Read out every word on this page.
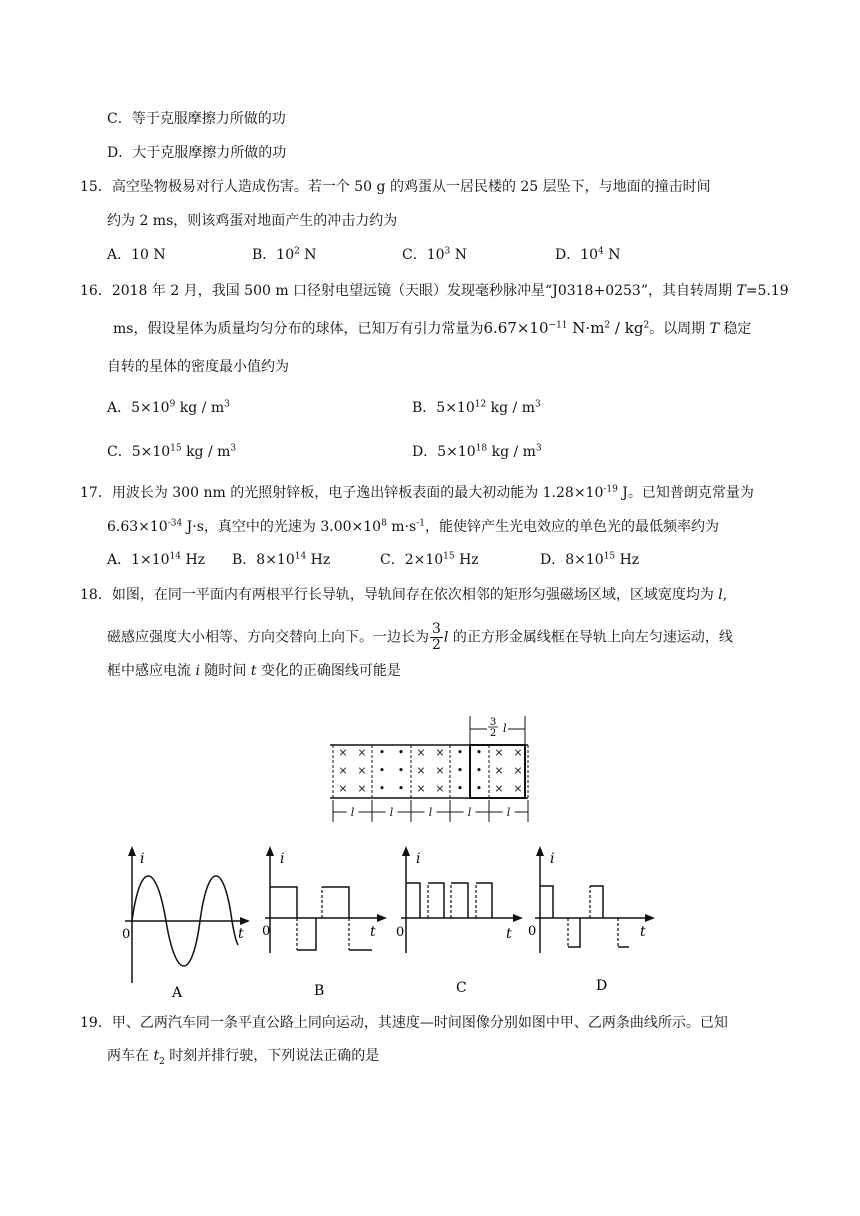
C．等于克服摩擦力所做的功
D．大于克服摩擦力所做的功
15．高空坠物极易对行人造成伤害。若一个 50 g 的鸡蛋从一居民楼的 25 层坠下，与地面的撞击时间
约为 2 ms，则该鸡蛋对地面产生的冲击力约为
A．10 N	B．$10^2$ N	C．$10^3$ N	D．$10^4$ N
16．2018 年 2 月，我国 500 m 口径射电望远镜（天眼）发现毫秒脉冲星“J0318+0253”，其自转周期 T=5.19
ms，假设星体为质量均匀分布的球体，已知万有引力常量为$6.67\times 10^{-11}$ $N\cdot m^2 / kg^2$。以周期 T 稳定
自转的星体的密度最小值约为
A．$5\times 10^9$ kg / $m^3$	B．$5\times 10^{12}$ kg / $m^3$
C．$5\times 10^{15}$ kg / $m^3$	D．$5\times 10^{18}$ kg / $m^3$
17．用波长为 300 nm 的光照射锌板，电子逸出锌板表面的最大初动能为 $1.28\times 10^{-19}$ J。已知普朗克常量为
$6.63\times 10^{-34}$ J·s，真空中的光速为 $3.00\times 10^8$ $m\cdot s^{-1}$，能使锌产生光电效应的单色光的最低频率约为
A．$1\times 10^{14}$ Hz B．$8\times 10^{14}$ Hz	C．$2\times 10^{15}$ Hz	D．$8\times 10^{15}$ Hz
18．如图，在同一平面内有两根平行长导轨，导轨间存在依次相邻的矩形匀强磁场区域，区域宽度均为 l,
磁感应强度大小相等、方向交替向上向下。一边长为 $\frac{3}{2}$ l 的正方形金属线框在导轨上向左匀速运动，线
框中感应电流 i 随时间 t 变化的正确图线可能是
× ×
× ×
× ×
• •
• •
• •
× ×
× ×
× ×
• •
• •
• •
× ×
× ×
× ×
3
2 l
l	l	l	l	l
i
t
0
A
i
t
0
B
i
t
0
C
i
t
0
D
19．甲、乙两汽车同一条平直公路上同向运动，其速度—时间图像分别如图中甲、乙两条曲线所示。已知
两车在 $t_2$ 时刻并排行驶，下列说法正确的是
